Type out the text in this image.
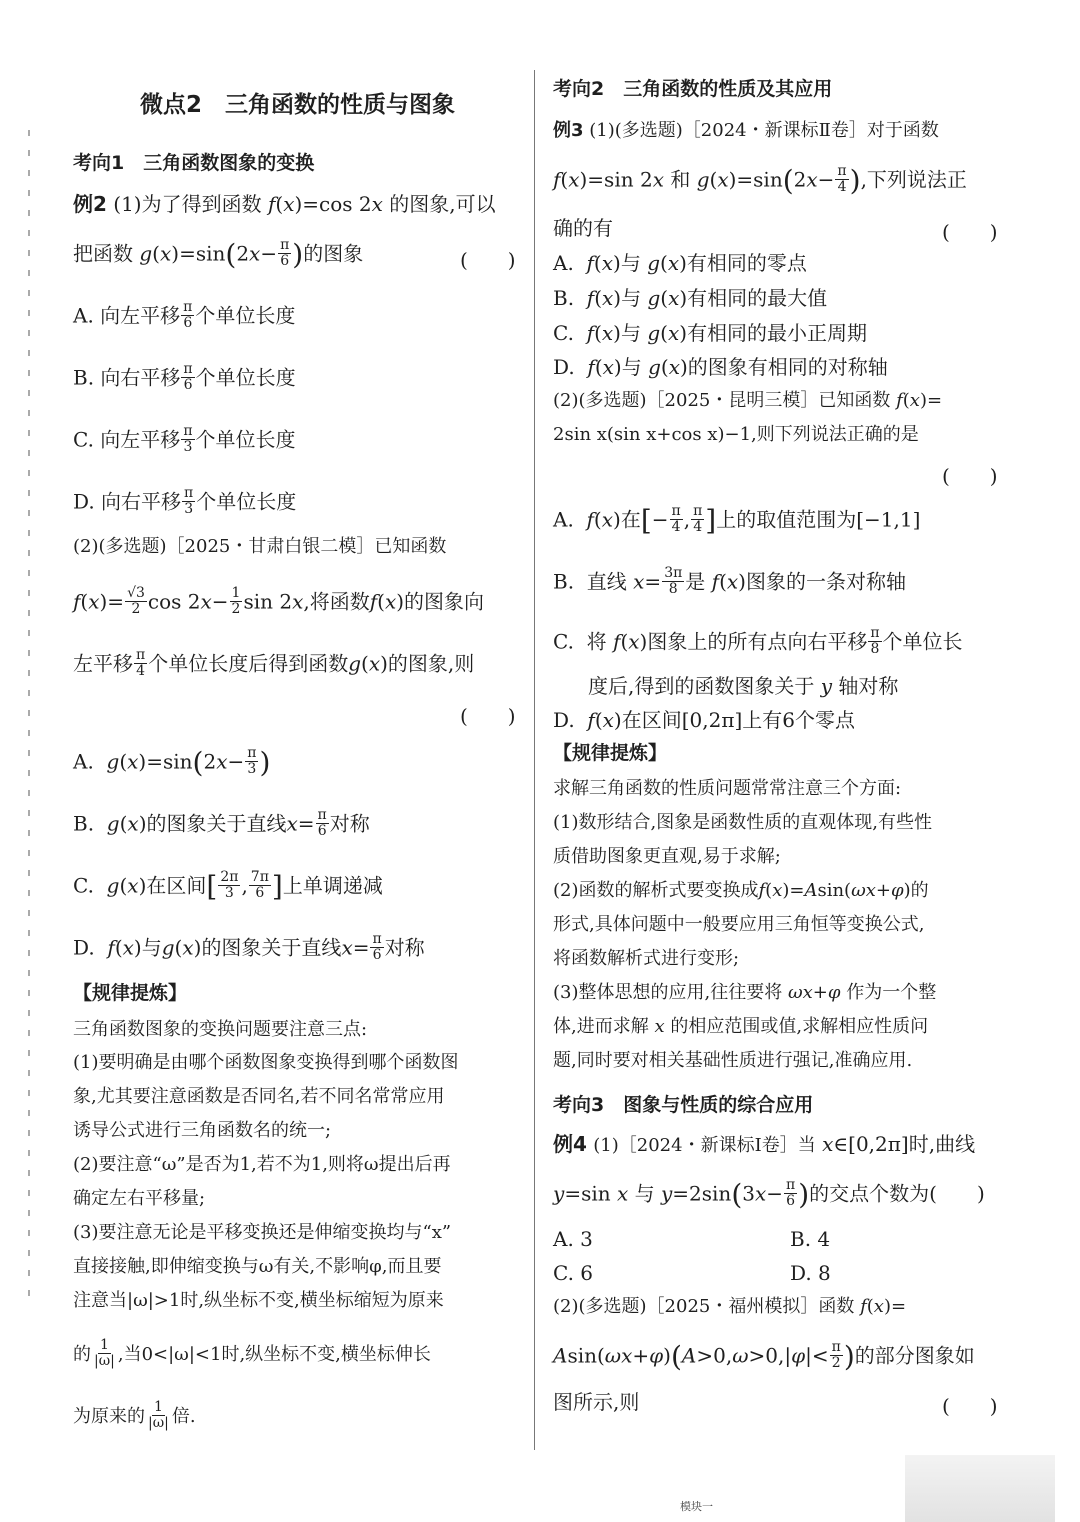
微点2　三角函数的性质与图象
考向1　三角函数图象的变换
例2 (1)为了得到函数 f(x)=cos 2x 的图象,可以
把函数 $g(x)=\sin(2x- \frac{\pi}{6}$ )的图象	(　　)
A. 向左平移 $\frac{\pi}{6}$ 个单位长度
B. 向右平移 $\frac{\pi}{6}$ 个单位长度
C. 向左平移 $\frac{\pi}{3}$ 个单位长度
D. 向右平移 $\frac{\pi}{3}$ 个单位长度
(2)(多选题)［2025・甘肃白银二模］已知函数
$f(x)= \frac{√3}{2}$ $\cos 2x- \frac{1}{2}$ sin 2x,将函数f(x)的图象向
左平移 $\frac{\pi}{4}$ 个单位长度后得到函数g(x)的图象,则
(　　)
A.  $g(x)=\sin(2x- \frac{\pi}{3}$ )
B.  g(x)的图象关于直线$x= \frac{\pi}{6}$ 对称
C.  g(x)在区间[ $\frac{2\pi}{3}$ , $\frac{7\pi}{6}$ ]上单调递减
D.  f(x)与g(x)的图象关于直线$x= \frac{\pi}{6}$ 对称
【规律提炼】
三角函数图象的变换问题要注意三点:
(1)要明确是由哪个函数图象变换得到哪个函数图
象,尤其要注意函数是否同名,若不同名常常应用
诱导公式进行三角函数名的统一;
(2)要注意“ω”是否为1,若不为1,则将ω提出后再
确定左右平移量;
(3)要注意无论是平移变换还是伸缩变换均与“x”
直接接触,即伸缩变换与ω有关,不影响φ,而且要
注意当|ω|>1时,纵坐标不变,横坐标缩短为原来
的 $\frac{1}{|\omega|}$ ,当0<|ω|<1时,纵坐标不变,横坐标伸长
为原来的 $\frac{1}{|\omega|}$ 倍.
考向2　三角函数的性质及其应用
例3 (1)(多选题)［2024・新课标Ⅱ卷］对于函数
f(x)=sin 2x 和 $g(x)=\sin(2x- \frac{\pi}{4}$ ),下列说法正
确的有	(　　)
A.  f(x)与 g(x)有相同的零点
B.  f(x)与 g(x)有相同的最大值
C.  f(x)与 g(x)有相同的最小正周期
D.  f(x)与 g(x)的图象有相同的对称轴
(2)(多选题)［2025・昆明三模］已知函数 f(x)=
2sin x(sin x+cos x)−1,则下列说法正确的是
(　　)
A.  f(x)在[− $\frac{\pi}{4}$ , $\frac{\pi}{4}$ ]上的取值范围为[−1,1]
B.  直线 $x= \frac{3\pi}{8}$ 是 f(x)图象的一条对称轴
C.  将 f(x)图象上的所有点向右平移 $\frac{\pi}{8}$ 个单位长
度后,得到的函数图象关于 y 轴对称
D.  f(x)在区间[0,2π]上有6个零点
【规律提炼】
求解三角函数的性质问题常常注意三个方面:
(1)数形结合,图象是函数性质的直观体现,有些性
质借助图象更直观,易于求解;
(2)函数的解析式要变换成f(x)=Asin(ωx+φ)的
形式,具体问题中一般要应用三角恒等变换公式,
将函数解析式进行变形;
(3)整体思想的应用,往往要将 ωx+φ 作为一个整
体,进而求解 x 的相应范围或值,求解相应性质问
题,同时要对相关基础性质进行强记,准确应用.
考向3　图象与性质的综合应用
例4 (1)［2024・新课标Ⅰ卷］当 x∈[0,2π]时,曲线
y=sin x 与 $y=2\sin(3x- \frac{\pi}{6}$ )的交点个数为(　　)
A. 3	B. 4
C. 6	D. 8
(2)(多选题)［2025・福州模拟］函数 f(x)=
$Asin(\omega x+\varphi)(A>0,\omega>0,|\varphi|< \frac{\pi}{2}$ )的部分图象如
图所示,则	(　　)
模块一
